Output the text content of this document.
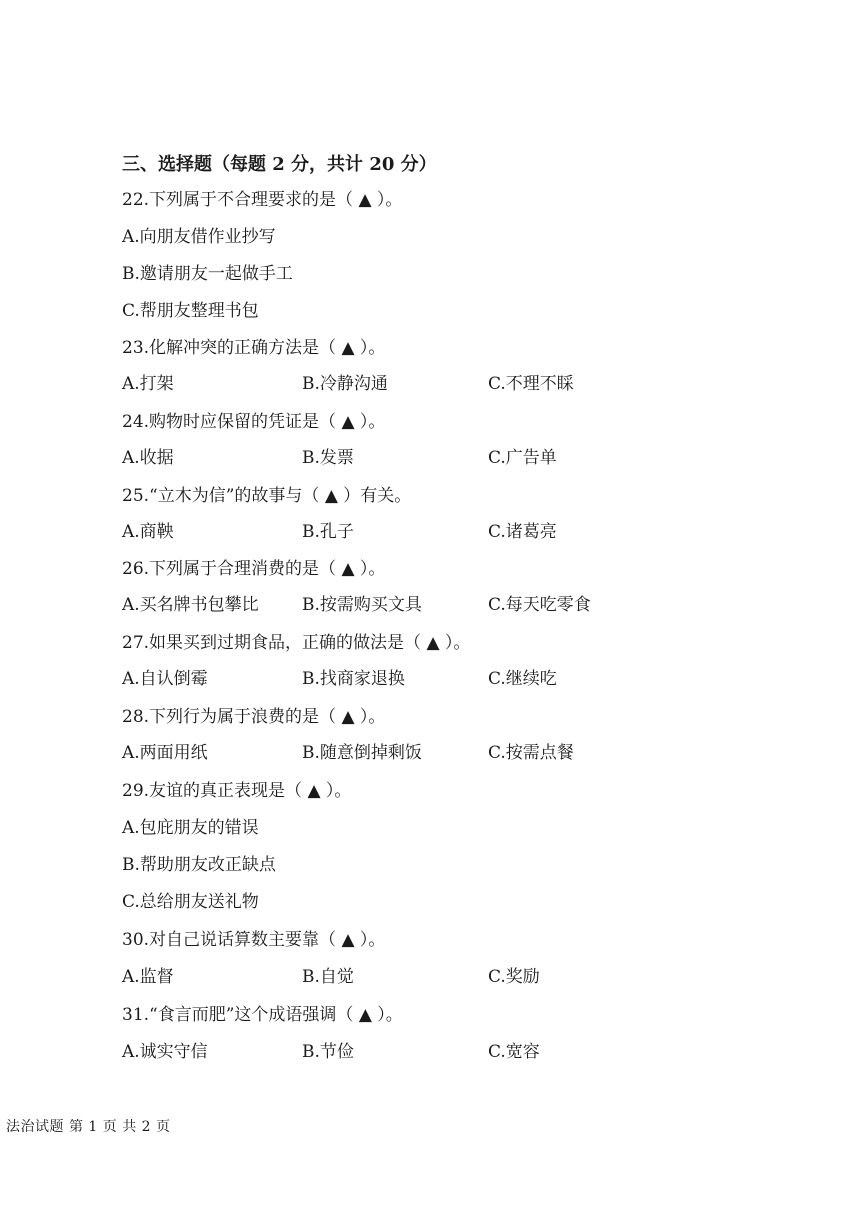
三、选择题（每题 2 分，共计 20 分）
22.下列属于不合理要求的是（ ▲ ）。
A.向朋友借作业抄写
B.邀请朋友一起做手工
C.帮朋友整理书包
23.化解冲突的正确方法是（ ▲ ）。
A.打架	B.冷静沟通	C.不理不睬
24.购物时应保留的凭证是（ ▲ ）。
A.收据	B.发票	C.广告单
25.“立木为信”的故事与（ ▲ ）有关。
A.商鞅	B.孔子	C.诸葛亮
26.下列属于合理消费的是（ ▲ ）。
A.买名牌书包攀比	B.按需购买文具	C.每天吃零食
27.如果买到过期食品，正确的做法是（ ▲ ）。
A.自认倒霉	B.找商家退换	C.继续吃
28.下列行为属于浪费的是（ ▲ ）。
A.两面用纸	B.随意倒掉剩饭	C.按需点餐
29.友谊的真正表现是（ ▲ ）。
A.包庇朋友的错误
B.帮助朋友改正缺点
C.总给朋友送礼物
30.对自己说话算数主要靠（ ▲ ）。
A.监督	B.自觉	C.奖励
31.“食言而肥”这个成语强调（ ▲ ）。
A.诚实守信	B.节俭	C.宽容
法治试题 第 1 页 共 2 页
